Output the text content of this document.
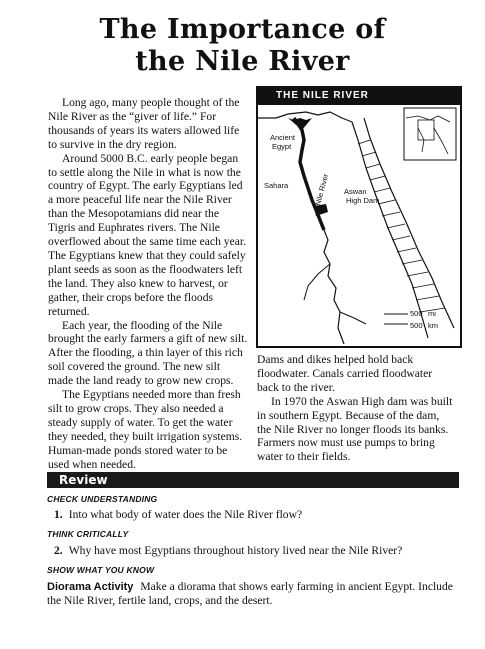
The Importance of
the Nile River

Long ago, many people thought of the Nile River as the “giver of life.” For thousands of years its waters allowed life to survive in the dry region.

Around 5000 B.C. early people began to settle along the Nile in what is now the country of Egypt. The early Egyptians led a more peaceful life near the Nile River than the Mesopotamians did near the Tigris and Euphrates rivers. The Nile overflowed about the same time each year. The Egyptians knew that they could safely plant seeds as soon as the floodwaters left the land. They also knew to harvest, or gather, their crops before the floods returned.

Each year, the flooding of the Nile brought the early farmers a gift of new silt. After the flooding, a thin layer of this rich soil covered the ground. The new silt made the land ready to grow new crops.

The Egyptians needed more than fresh silt to grow crops. They also needed a steady supply of water. To get the water they needed, they built irrigation systems. Human-made ponds stored water to be used when needed.

Ancient
Egypt
Sahara	Nile River Aswan
High Dam
500 mi
500 km
THE NILE RIVER

Dams and dikes helped hold back floodwater. Canals carried floodwater back to the river.

In 1970 the Aswan High dam was built in southern Egypt. Because of the dam, the Nile River no longer floods its banks. Farmers now must use pumps to bring water to their fields.

Review
CHECK UNDERSTANDING
1. Into what body of water does the Nile River flow?
THINK CRITICALLY
2. Why have most Egyptians throughout history lived near the Nile River?
SHOW WHAT YOU KNOW
Diorama Activity Make a diorama that shows early farming in ancient Egypt. Include the Nile River, fertile land, crops, and the desert.
